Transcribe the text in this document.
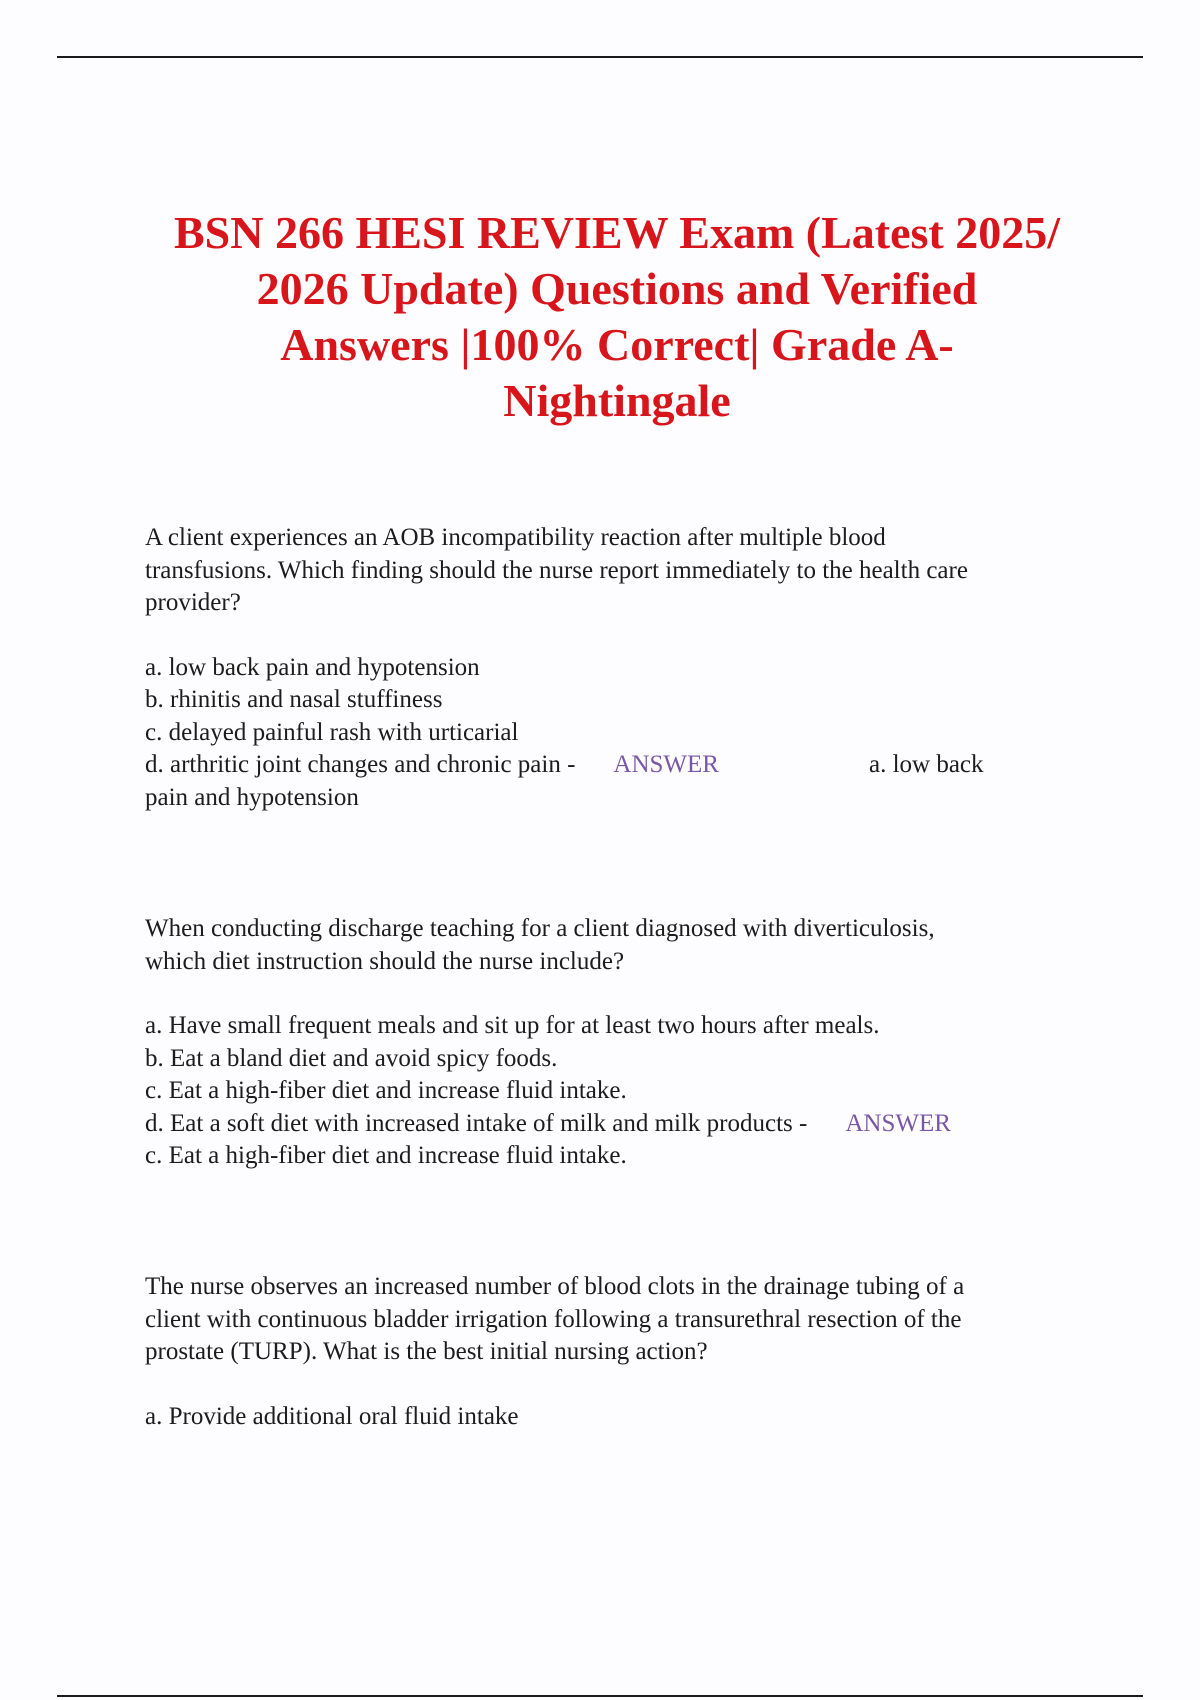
BSN 266 HESI REVIEW Exam (Latest 2025/
2026 Update) Questions and Verified
Answers |100% Correct| Grade A-
Nightingale
A client experiences an AOB incompatibility reaction after multiple blood
transfusions. Which finding should the nurse report immediately to the health care
provider?
a. low back pain and hypotension
b. rhinitis and nasal stuffiness
c. delayed painful rash with urticarial
d. arthritic joint changes and chronic pain - ANSWER	a. low back
pain and hypotension
When conducting discharge teaching for a client diagnosed with diverticulosis,
which diet instruction should the nurse include?
a. Have small frequent meals and sit up for at least two hours after meals.
b. Eat a bland diet and avoid spicy foods.
c. Eat a high-fiber diet and increase fluid intake.
d. Eat a soft diet with increased intake of milk and milk products - ANSWER
c. Eat a high-fiber diet and increase fluid intake.
The nurse observes an increased number of blood clots in the drainage tubing of a
client with continuous bladder irrigation following a transurethral resection of the
prostate (TURP). What is the best initial nursing action?
a. Provide additional oral fluid intake
